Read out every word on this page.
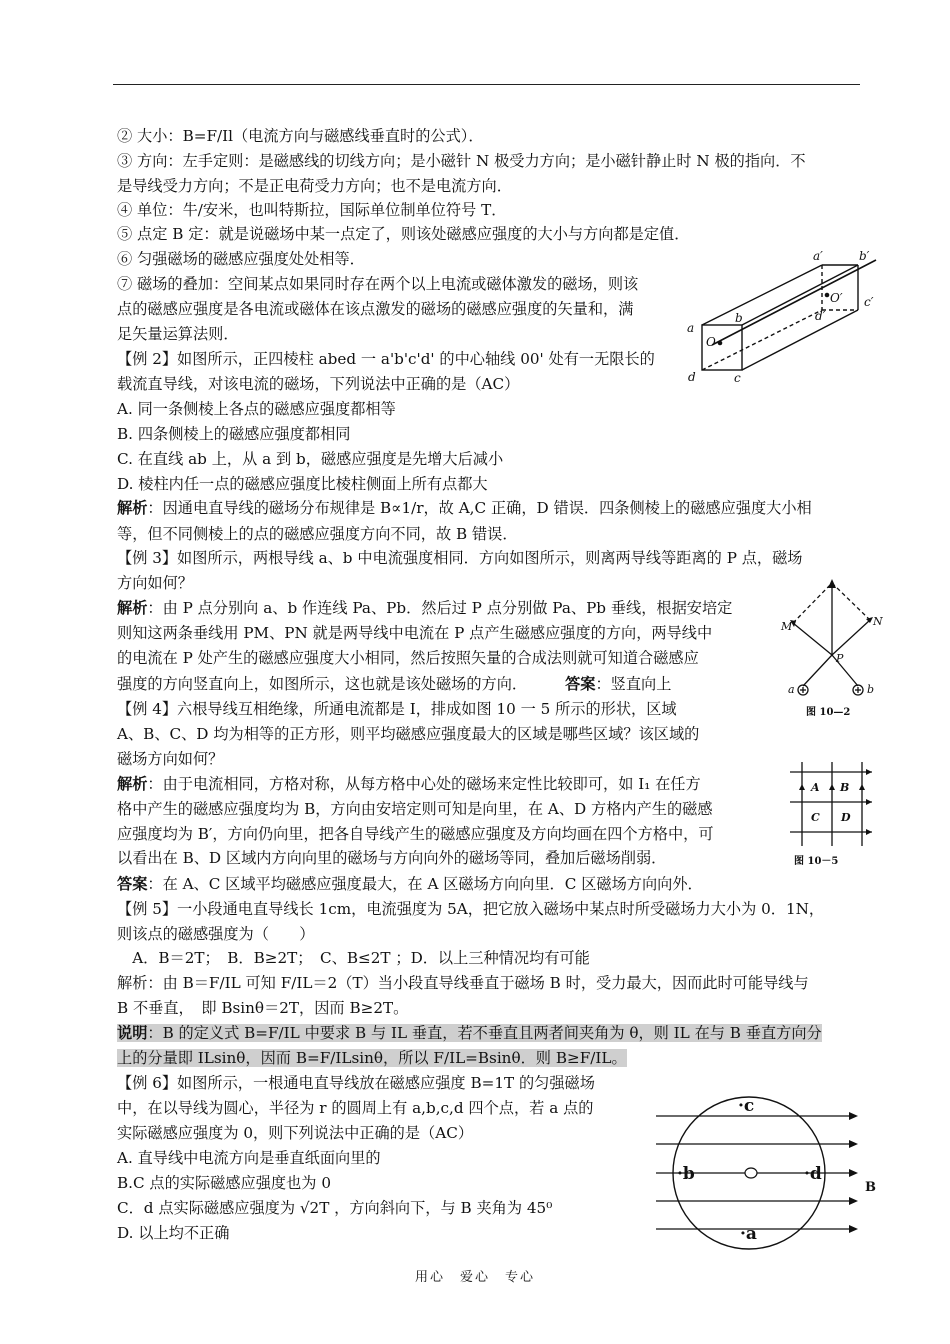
② 大小：B=F/Il（电流方向与磁感线垂直时的公式）．
③ 方向：左手定则：是磁感线的切线方向；是小磁针 N 极受力方向；是小磁针静止时 N 极的指向．不
是导线受力方向；不是正电荷受力方向；也不是电流方向．
④ 单位：牛/安米，也叫特斯拉，国际单位制单位符号 T．
⑤ 点定 B 定：就是说磁场中某一点定了，则该处磁感应强度的大小与方向都是定值．
⑥ 匀强磁场的磁感应强度处处相等．
⑦ 磁场的叠加：空间某点如果同时存在两个以上电流或磁体激发的磁场，则该
点的磁感应强度是各电流或磁体在该点激发的磁场的磁感应强度的矢量和，满
足矢量运算法则．
【例 2】如图所示，正四棱柱 abed 一 a'b'c'd' 的中心轴线 00' 处有一无限长的
载流直导线，对该电流的磁场，下列说法中正确的是（AC）
A. 同一条侧棱上各点的磁感应强度都相等
B. 四条侧棱上的磁感应强度都相同
C. 在直线 ab 上，从 a 到 b，磁感应强度是先增大后减小
D. 棱柱内任一点的磁感应强度比棱柱侧面上所有点都大
解析：因通电直导线的磁场分布规律是 B∝1/r，故 A,C 正确，D 错误．四条侧棱上的磁感应强度大小相
等，但不同侧棱上的点的磁感应强度方向不同，故 B 错误．
【例 3】如图所示，两根导线 a、b 中电流强度相同．方向如图所示，则离两导线等距离的 P 点，磁场
方向如何？
解析：由 P 点分别向 a、b 作连线 Pa、Pb．然后过 P 点分别做 Pa、Pb 垂线，根据安培定
则知这两条垂线用 PM、PN 就是两导线中电流在 P 点产生磁感应强度的方向，两导线中
的电流在 P 处产生的磁感应强度大小相同，然后按照矢量的合成法则就可知道合磁感应
强度的方向竖直向上，如图所示，这也就是该处磁场的方向．	答案：竖直向上
【例 4】六根导线互相绝缘，所通电流都是 I，排成如图 10 一 5 所示的形状，区域
A、B、C、D 均为相等的正方形，则平均磁感应强度最大的区域是哪些区域？该区域的
磁场方向如何？
解析：由于电流相同，方格对称，从每方格中心处的磁场来定性比较即可，如 I₁ 在任方
格中产生的磁感应强度均为 B，方向由安培定则可知是向里，在 A、D 方格内产生的磁感
应强度均为 B′，方向仍向里，把各自导线产生的磁感应强度及方向均画在四个方格中，可
以看出在 B、D 区域内方向向里的磁场与方向向外的磁场等同，叠加后磁场削弱．
答案：在 A、C 区域平均磁感应强度最大，在 A 区磁场方向向里．C 区磁场方向向外．
【例 5】一小段通电直导线长 1cm，电流强度为 5A，把它放入磁场中某点时所受磁场力大小为 0．1N，
则该点的磁感强度为（　　）
　A．B＝2T；　B．B≥2T；　C、B≤2T ；D．以上三种情况均有可能
解析：由 B＝F/IL 可知 F/IL＝2（T）当小段直导线垂直于磁场 B 时，受力最大，因而此时可能导线与
B 不垂直，　即 Bsinθ＝2T，因而 B≥2T。
说明：B 的定义式 B=F/IL 中要求 B 与 IL 垂直，若不垂直且两者间夹角为 θ，则 IL 在与 B 垂直方向分
上的分量即 ILsinθ，因而 B=F/ILsinθ，所以 F/IL=Bsinθ．则 B≥F/IL。
【例 6】如图所示，一根通电直导线放在磁感应强度 B=1T 的匀强磁场
中，在以导线为圆心，半径为 r 的圆周上有 a,b,c,d 四个点，若 a 点的
实际磁感应强度为 0，则下列说法中正确的是（AC）
A. 直导线中电流方向是垂直纸面向里的
B.C 点的实际磁感应强度也为 0
C．d 点实际磁感应强度为 √2T ，方向斜向下，与 B 夹角为 45⁰
D. 以上均不正确
a
b
c
d
a′	b′
c′
d′
O
O′
M	N
P
a	b
图 10—2
A B
C D
图 10－5
·c
·b	·d
·a
B
用心　爱心　专心
